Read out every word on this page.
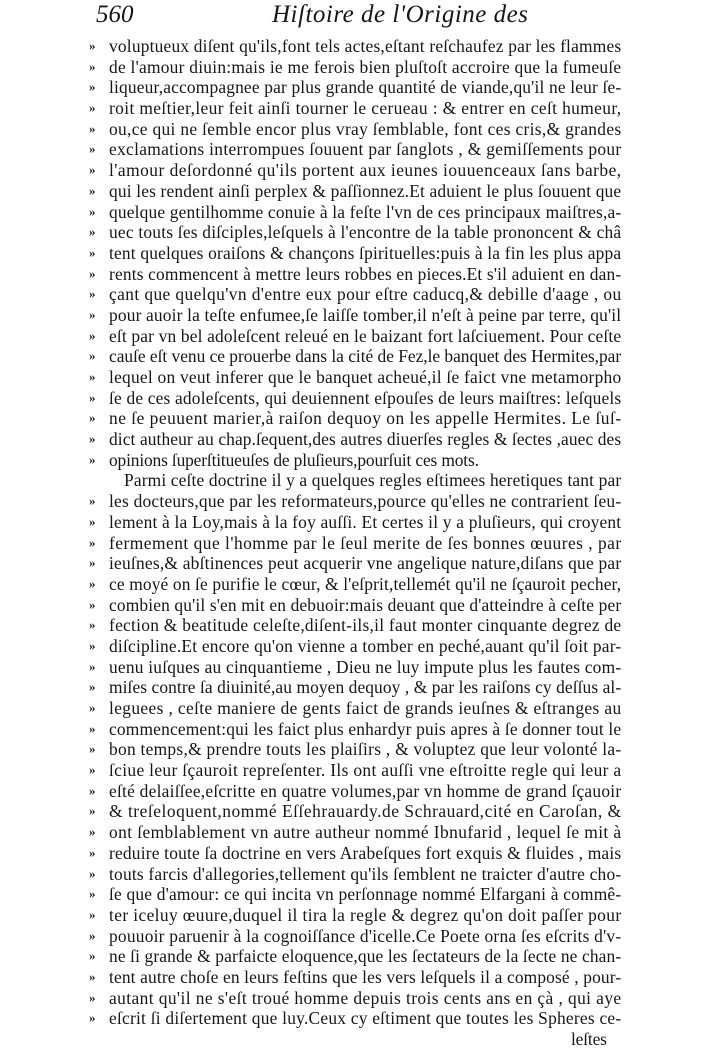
560	Hiſtoire de l'Origine des
» voluptueux diſent qu'ils,font tels actes,eſtant reſchaufez par les flammes
» de l'amour diuin:mais ie me ferois bien pluſtoſt accroire que la fumeuſe
» liqueur,accompagnee par plus grande quantité de viande,qu'il ne leur ſe-
» roit meſtier,leur feit ainſi tourner le cerueau : & entrer en ceſt humeur,
» ou,ce qui ne ſemble encor plus vray ſemblable, font ces cris,& grandes
» exclamations interrompues ſouuent par ſanglots , & gemiſſements pour
» l'amour deſordonné qu'ils portent aux ieunes iouuenceaux ſans barbe,
» qui les rendent ainſi perplex & paſſionnez.Et aduient le plus ſouuent que
» quelque gentilhomme conuie à la feſte l'vn de ces principaux maiſtres,a-
» uec touts ſes diſciples,leſquels à l'encontre de la table prononcent & châ
» tent quelques oraiſons & chançons ſpirituelles:puis à la fin les plus appa
» rents commencent à mettre leurs robbes en pieces.Et s'il aduient en dan-
» çant que quelqu'vn d'entre eux pour eſtre caducq,& debille d'aage , ou
» pour auoir la teſte enfumee,ſe laiſſe tomber,il n'eſt à peine par terre, qu'il
» eſt par vn bel adoleſcent releué en le baizant fort laſciuement. Pour ceſte
» cauſe eſt venu ce prouerbe dans la cité de Fez,le banquet des Hermites,par
» lequel on veut inferer que le banquet acheué,il ſe faict vne metamorpho
» ſe de ces adoleſcents, qui deuiennent eſpouſes de leurs maiſtres: leſquels
» ne ſe peuuent marier,à raiſon dequoy on les appelle Hermites. Le ſuſ-
» dict autheur au chap.ſequent,des autres diuerſes regles & ſectes ,auec des
» opinions ſuperſtitueuſes de pluſieurs,pourſuit ces mots.
Parmi ceſte doctrine il y a quelques regles eſtimees heretiques tant par
» les docteurs,que par les reformateurs,pource qu'elles ne contrarient ſeu-
» lement à la Loy,mais à la foy auſſi. Et certes il y a pluſieurs, qui croyent
» fermement que l'homme par le ſeul merite de ſes bonnes œuures , par
» ieuſnes,& abſtinences peut acquerir vne angelique nature,diſans que par
» ce moyé on ſe purifie le cœur, & l'eſprit,tellemét qu'il ne ſçauroit pecher,
» combien qu'il s'en mit en debuoir:mais deuant que d'atteindre à ceſte per
» fection & beatitude celeſte,diſent-ils,il faut monter cinquante degrez de
» diſcipline.Et encore qu'on vienne a tomber en peché,auant qu'il ſoit par-
» uenu iuſques au cinquantieme , Dieu ne luy impute plus les fautes com-
» miſes contre ſa diuinité,au moyen dequoy , & par les raiſons cy deſſus al-
» leguees , ceſte maniere de gents faict de grands ieuſnes & eſtranges au
» commencement:qui les faict plus enhardyr puis apres à ſe donner tout le
» bon temps,& prendre touts les plaiſirs , & voluptez que leur volonté la-
» ſciue leur ſçauroit repreſenter. Ils ont auſſi vne eſtroitte regle qui leur a
» eſté delaiſſee,eſcritte en quatre volumes,par vn homme de grand ſçauoir
» & treſeloquent,nommé Eſſehrauardy.de Schrauard,cité en Caroſan, &
» ont ſemblablement vn autre autheur nommé Ibnufarid , lequel ſe mit à
» reduire toute ſa doctrine en vers Arabeſques fort exquis & fluides , mais
» touts farcis d'allegories,tellement qu'ils ſemblent ne traicter d'autre cho-
» ſe que d'amour: ce qui incita vn perſonnage nommé Elfargani à commê-
» ter iceluy œuure,duquel il tira la regle & degrez qu'on doit paſſer pour
» pouuoir paruenir à la cognoiſſance d'icelle.Ce Poete orna ſes eſcrits d'v-
» ne ſi grande & parfaicte eloquence,que les ſectateurs de la ſecte ne chan-
» tent autre choſe en leurs feſtins que les vers leſquels il a composé , pour-
» autant qu'il ne s'eſt troué homme depuis trois cents ans en çà , qui aye
» eſcrit ſi diſertement que luy.Ceux cy eſtiment que toutes les Spheres ce-
leſtes
